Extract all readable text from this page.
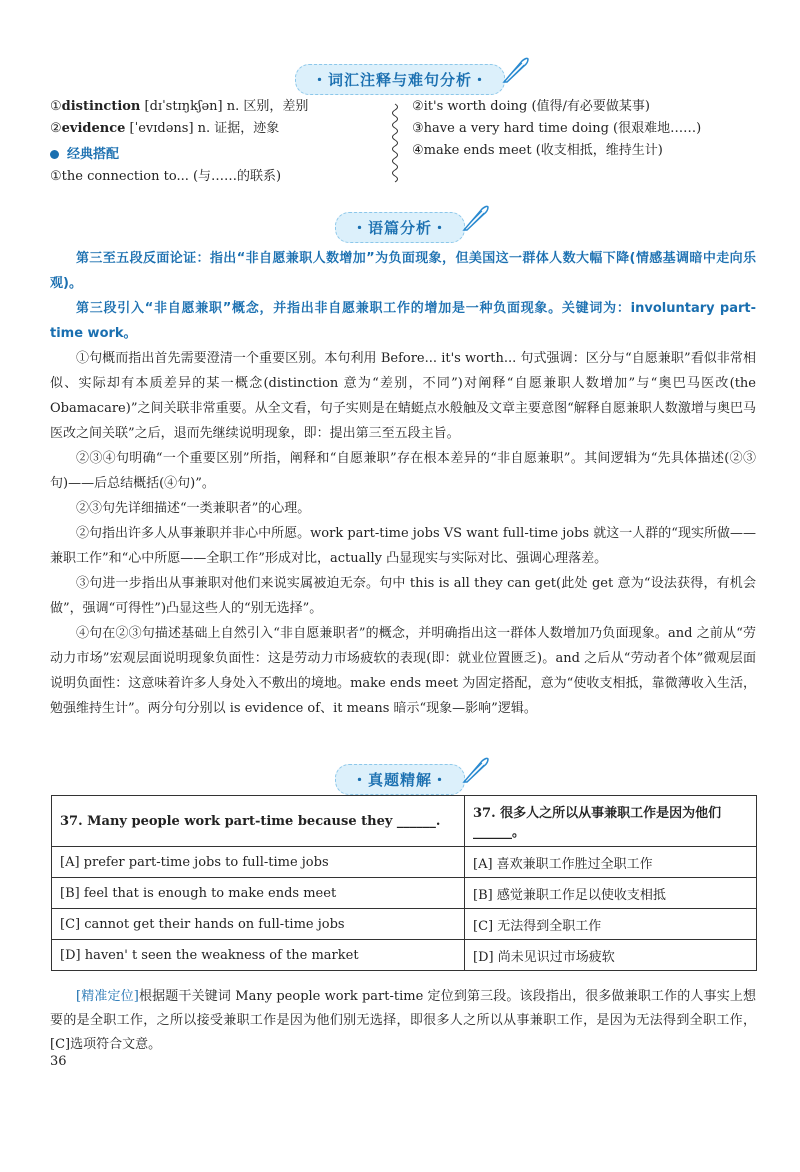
・词汇注释与难句分析・
①distinction [dɪˈstɪŋkʃən] n. 区别，差别
②evidence [ˈevɪdəns] n. 证据，迹象
经典搭配
①the connection to... (与……的联系)
②it's worth doing (值得/有必要做某事)
③have a very hard time doing (很艰难地……)
④make ends meet (收支相抵，维持生计)
・语篇分析・

第三至五段反面论证：指出“非自愿兼职人数增加”为负面现象，但美国这一群体人数大幅下降(情感基调暗中走向乐观)。

第三段引入“非自愿兼职”概念，并指出非自愿兼职工作的增加是一种负面现象。关键词为：involuntary part-time work。

①句概而指出首先需要澄清一个重要区别。本句利用 Before... it's worth... 句式强调：区分与“自愿兼职”看似非常相似、实际却有本质差异的某一概念(distinction 意为“差别，不同”)对阐释“自愿兼职人数增加”与“奥巴马医改(the Obamacare)”之间关联非常重要。从全文看，句子实则是在蜻蜓点水般触及文章主要意图“解释自愿兼职人数激增与奥巴马医改之间关联”之后，退而先继续说明现象，即：提出第三至五段主旨。

②③④句明确“一个重要区别”所指，阐释和“自愿兼职”存在根本差异的“非自愿兼职”。其间逻辑为“先具体描述(②③句)——后总结概括(④句)”。

②③句先详细描述“一类兼职者”的心理。

②句指出许多人从事兼职并非心中所愿。work part-time jobs VS want full-time jobs 就这一人群的“现实所做——兼职工作”和“心中所愿——全职工作”形成对比，actually 凸显现实与实际对比、强调心理落差。

③句进一步指出从事兼职对他们来说实属被迫无奈。句中 this is all they can get(此处 get 意为“设法获得，有机会做”，强调“可得性”)凸显这些人的“别无选择”。

④句在②③句描述基础上自然引入“非自愿兼职者”的概念，并明确指出这一群体人数增加乃负面现象。and 之前从“劳动力市场”宏观层面说明现象负面性：这是劳动力市场疲软的表现(即：就业位置匮乏)。and 之后从“劳动者个体”微观层面说明负面性：这意味着许多人身处入不敷出的境地。make ends meet 为固定搭配，意为“使收支相抵，靠微薄收入生活，勉强维持生计”。两分句分别以 is evidence of、it means 暗示“现象—影响”逻辑。

・真题精解・
37. Many people work part-time because they ______.	37. 很多人之所以从事兼职工作是因为他们______。
[A] prefer part-time jobs to full-time jobs	[A] 喜欢兼职工作胜过全职工作
[B] feel that is enough to make ends meet	[B] 感觉兼职工作足以使收支相抵
[C] cannot get their hands on full-time jobs	[C] 无法得到全职工作
[D] haven' t seen the weakness of the market	[D] 尚未见识过市场疲软

[精准定位]根据题干关键词 Many people work part-time 定位到第三段。该段指出，很多做兼职工作的人事实上想要的是全职工作，之所以接受兼职工作是因为他们别无选择，即很多人之所以从事兼职工作，是因为无法得到全职工作，[C]选项符合文意。

36
